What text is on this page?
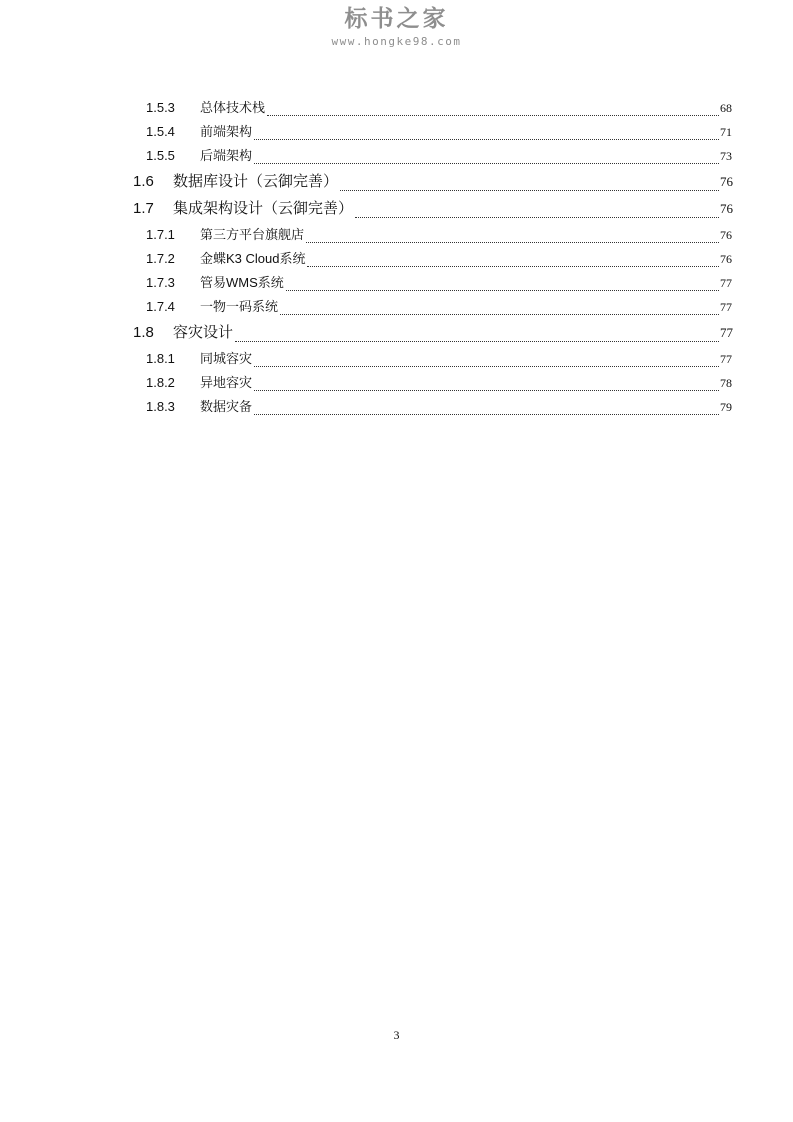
标书之家
www.hongke98.com
1.5.3	总体技术栈	68
1.5.4	前端架构	71
1.5.5	后端架构	73
1.6	数据库设计（云御完善）	76
1.7	集成架构设计（云御完善）	76
1.7.1	第三方平台旗舰店	76
1.7.2	金蝶K3 Cloud系统	76
1.7.3	管易WMS系统	77
1.7.4	一物一码系统	77
1.8	容灾设计	77
1.8.1	同城容灾	77
1.8.2	异地容灾	78
1.8.3	数据灾备	79
3
